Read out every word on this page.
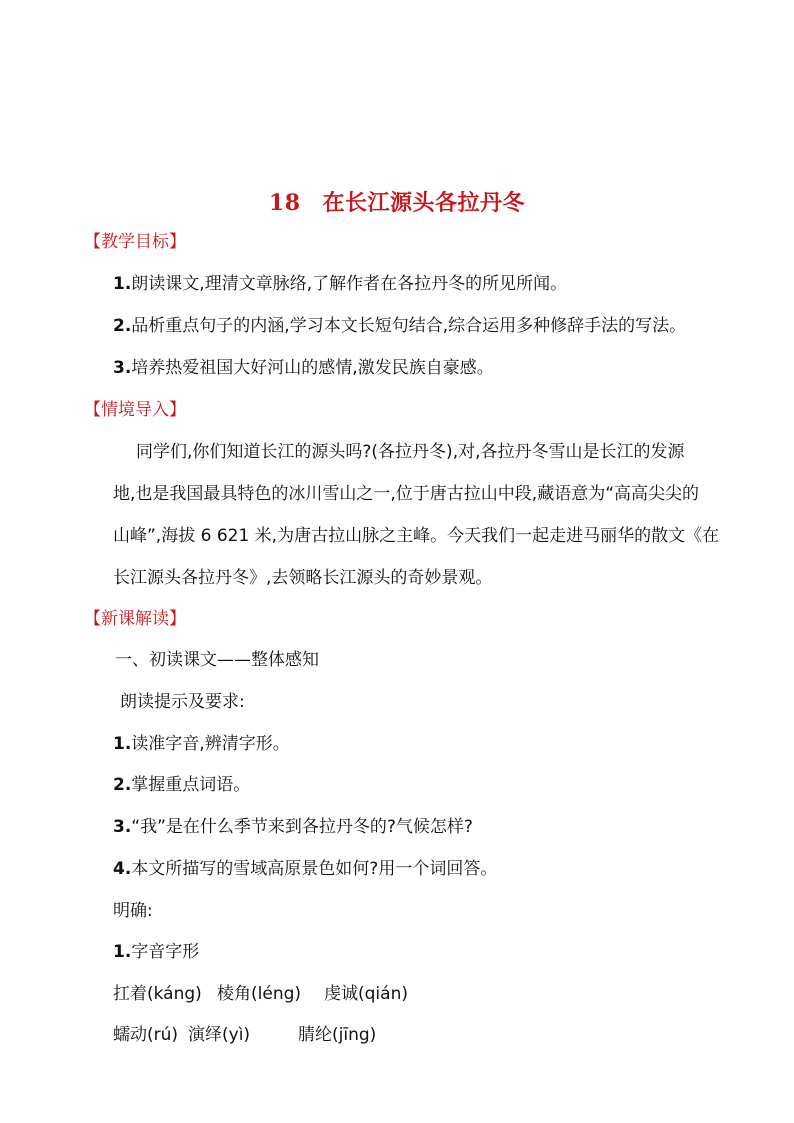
18 在长江源头各拉丹冬
【教学目标】
1.朗读课文,理清文章脉络,了解作者在各拉丹冬的所见所闻。
2.品析重点句子的内涵,学习本文长短句结合,综合运用多种修辞手法的写法。
3.培养热爱祖国大好河山的感情,激发民族自豪感。
【情境导入】
同学们,你们知道长江的源头吗?(各拉丹冬),对,各拉丹冬雪山是长江的发源
地,也是我国最具特色的冰川雪山之一,位于唐古拉山中段,藏语意为“高高尖尖的
山峰”,海拔 6 621 米,为唐古拉山脉之主峰。今天我们一起走进马丽华的散文《在
长江源头各拉丹冬》,去领略长江源头的奇妙景观。
【新课解读】
一、初读课文——整体感知
朗读提示及要求:
1.读准字音,辨清字形。
2.掌握重点词语。
3.“我”是在什么季节来到各拉丹冬的?气候怎样?
4.本文所描写的雪域高原景色如何?用一个词回答。
明确:
1.字音字形
扛着(káng) 棱角(léng) 虔诚(qián)
蠕动(rú) 演绎(yì)	腈纶(jīng)
